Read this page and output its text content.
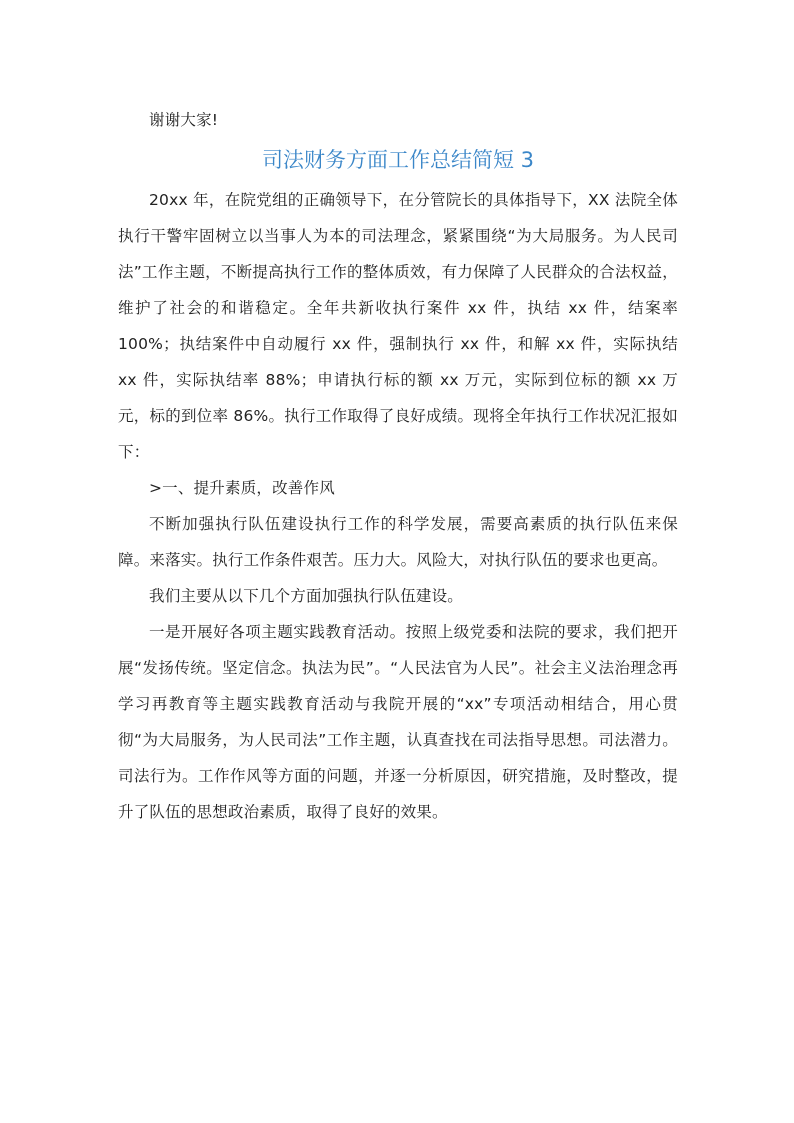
谢谢大家!

司法财务方面工作总结简短 3

20xx 年，在院党组的正确领导下，在分管院长的具体指导下，XX 法院全体执行干警牢固树立以当事人为本的司法理念，紧紧围绕“为大局服务。为人民司法”工作主题，不断提高执行工作的整体质效，有力保障了人民群众的合法权益，维护了社会的和谐稳定。全年共新收执行案件 xx 件，执结 xx 件，结案率 100%；执结案件中自动履行 xx 件，强制执行 xx 件，和解 xx 件，实际执结 xx 件，实际执结率 88%；申请执行标的额 xx 万元，实际到位标的额 xx 万元，标的到位率 86%。执行工作取得了良好成绩。现将全年执行工作状况汇报如下：

>一、提升素质，改善作风

不断加强执行队伍建设执行工作的科学发展，需要高素质的执行队伍来保障。来落实。执行工作条件艰苦。压力大。风险大，对执行队伍的要求也更高。

我们主要从以下几个方面加强执行队伍建设。

一是开展好各项主题实践教育活动。按照上级党委和法院的要求，我们把开展“发扬传统。坚定信念。执法为民”。“人民法官为人民”。社会主义法治理念再学习再教育等主题实践教育活动与我院开展的“xx”专项活动相结合，用心贯彻“为大局服务，为人民司法”工作主题，认真查找在司法指导思想。司法潜力。司法行为。工作作风等方面的问题，并逐一分析原因，研究措施，及时整改，提升了队伍的思想政治素质，取得了良好的效果。
